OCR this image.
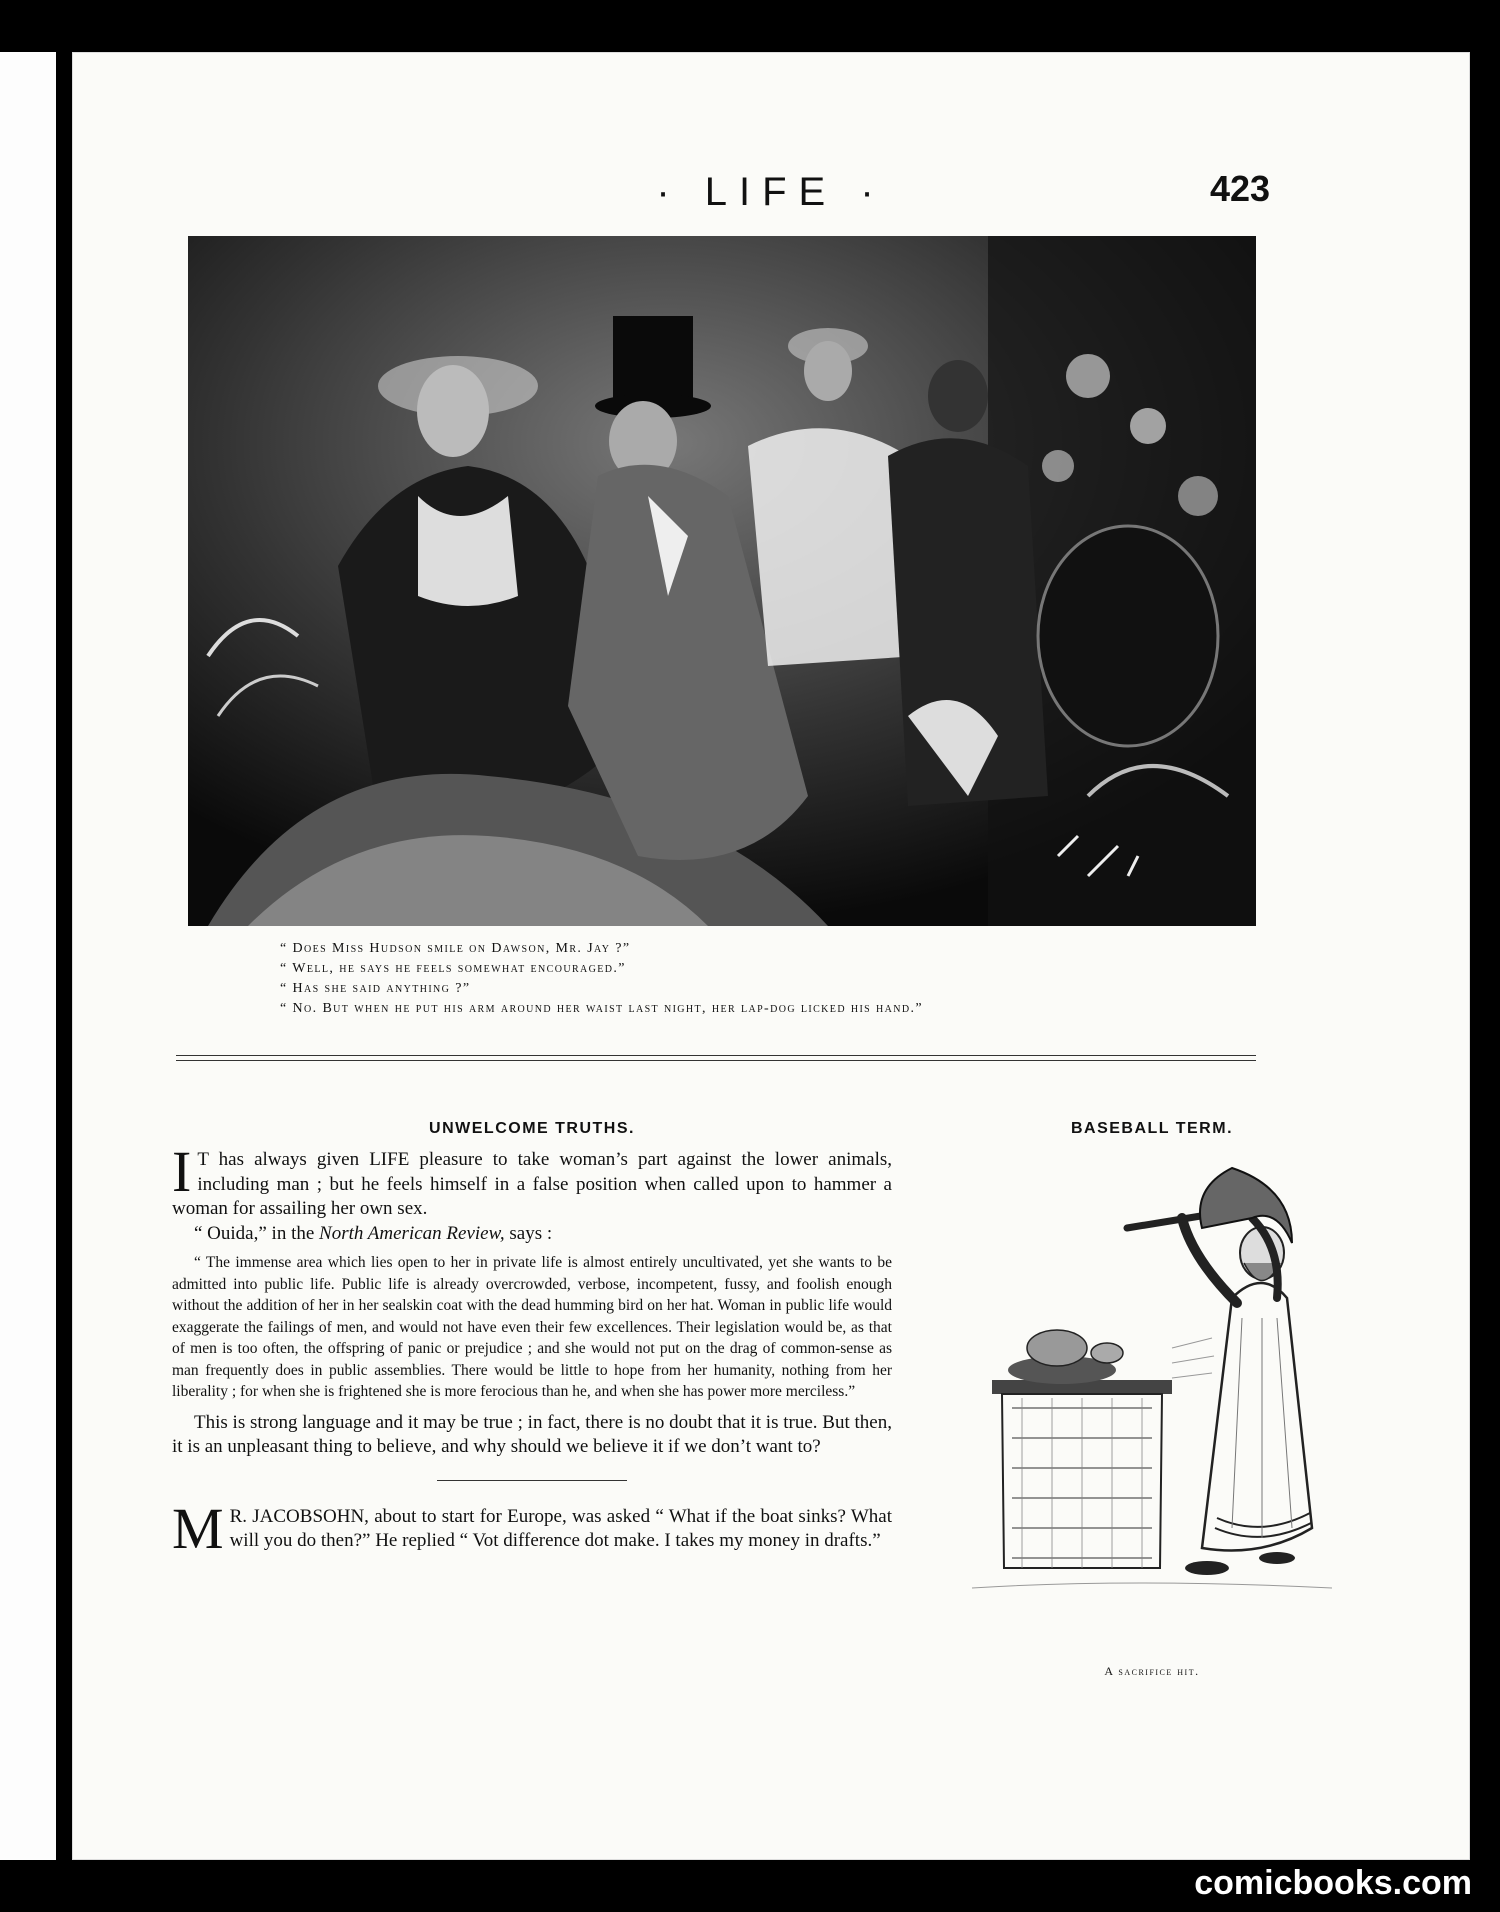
· LIFE ·	423
“ Does Miss Hudson smile on Dawson, Mr. Jay ?”
“ Well, he says he feels somewhat encouraged.”
“ Has she said anything ?”
“ No. But when he put his arm around her waist last night, her lap-dog licked his hand.”
UNWELCOME TRUTHS.

I T has always given LIFE pleasure to take woman’s part against the lower animals, including man ; but he feels himself in a false position when called upon to hammer a woman for assailing her own sex.

“ Ouida,” in the North American Review, says :

“ The immense area which lies open to her in private life is almost entirely uncultivated, yet she wants to be admitted into public life. Public life is already overcrowded, verbose, incompetent, fussy, and foolish enough without the addition of her in her sealskin coat with the dead humming bird on her hat. Woman in public life would exaggerate the failings of men, and would not have even their few excellences. Their legislation would be, as that of men is too often, the offspring of panic or prejudice ; and she would not put on the drag of common-sense as man frequently does in public assemblies. There would be little to hope from her humanity, nothing from her liberality ; for when she is frightened she is more ferocious than he, and when she has power more merciless.”

This is strong language and it may be true ; in fact, there is no doubt that it is true. But then, it is an unpleasant thing to believe, and why should we believe it if we don’t want to?

M R. JACOBSOHN, about to start for Europe, was asked “ What if the boat sinks? What will you do then?” He replied “ Vot difference dot make. I takes my money in drafts.”

BASEBALL TERM.
A sacrifice hit.
comicbooks.com
